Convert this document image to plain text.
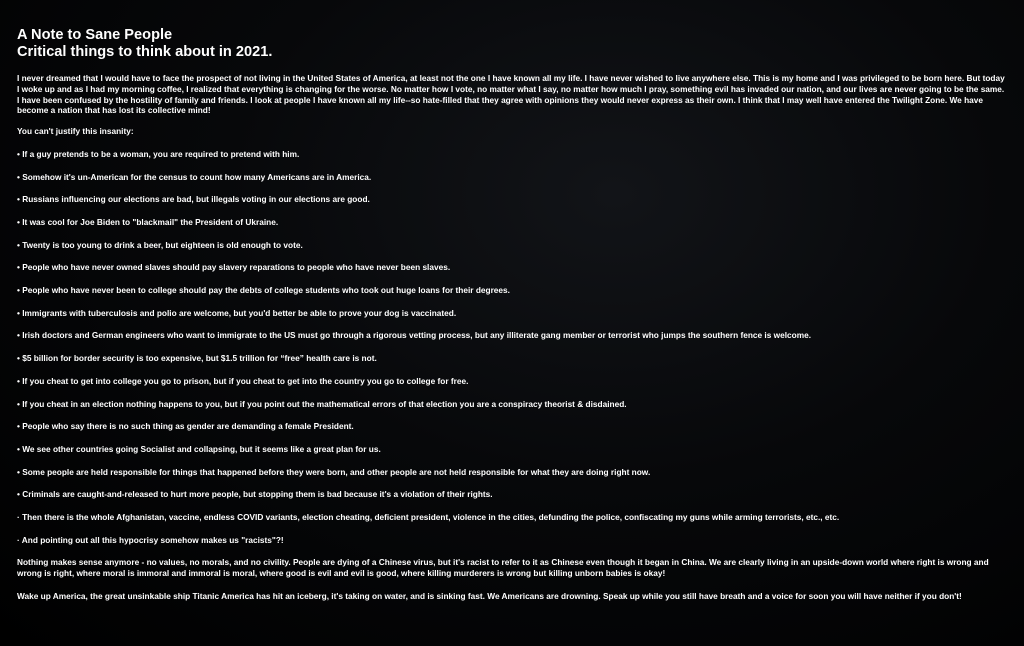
A Note to Sane People
Critical things to think about in 2021.

I never dreamed that I would have to face the prospect of not living in the United States of America, at least not the one I have known all my life. I have never wished to live anywhere else. This is my home and I was privileged to be born here. But today I woke up and as I had my morning coffee, I realized that everything is changing for the worse. No matter how I vote, no matter what I say, no matter how much I pray, something evil has invaded our nation, and our lives are never going to be the same. I have been confused by the hostility of family and friends. I look at people I have known all my life--so hate-filled that they agree with opinions they would never express as their own. I think that I may well have entered the Twilight Zone. We have become a nation that has lost its collective mind!

You can't justify this insanity:

• If a guy pretends to be a woman, you are required to pretend with him.
• Somehow it's un-American for the census to count how many Americans are in America.
• Russians influencing our elections are bad, but illegals voting in our elections are good.
• It was cool for Joe Biden to "blackmail" the President of Ukraine.
• Twenty is too young to drink a beer, but eighteen is old enough to vote.
• People who have never owned slaves should pay slavery reparations to people who have never been slaves.
• People who have never been to college should pay the debts of college students who took out huge loans for their degrees.
• Immigrants with tuberculosis and polio are welcome, but you'd better be able to prove your dog is vaccinated.
• Irish doctors and German engineers who want to immigrate to the US must go through a rigorous vetting process, but any illiterate gang member or terrorist who jumps the southern fence is welcome.
• $5 billion for border security is too expensive, but $1.5 trillion for “free” health care is not.
• If you cheat to get into college you go to prison, but if you cheat to get into the country you go to college for free.
• If you cheat in an election nothing happens to you, but if you point out the mathematical errors of that election you are a conspiracy theorist & disdained.
• People who say there is no such thing as gender are demanding a female President.
• We see other countries going Socialist and collapsing, but it seems like a great plan for us.
• Some people are held responsible for things that happened before they were born, and other people are not held responsible for what they are doing right now.
• Criminals are caught-and-released to hurt more people, but stopping them is bad because it's a violation of their rights.
· Then there is the whole Afghanistan, vaccine, endless COVID variants, election cheating, deficient president, violence in the cities, defunding the police, confiscating my guns while arming terrorists, etc., etc.
· And pointing out all this hypocrisy somehow makes us "racists"?!

Nothing makes sense anymore - no values, no morals, and no civility. People are dying of a Chinese virus, but it's racist to refer to it as Chinese even though it began in China. We are clearly living in an upside-down world where right is wrong and wrong is right, where moral is immoral and immoral is moral, where good is evil and evil is good, where killing murderers is wrong but killing unborn babies is okay!

Wake up America, the great unsinkable ship Titanic America has hit an iceberg, it's taking on water, and is sinking fast. We Americans are drowning. Speak up while you still have breath and a voice for soon you will have neither if you don't!
